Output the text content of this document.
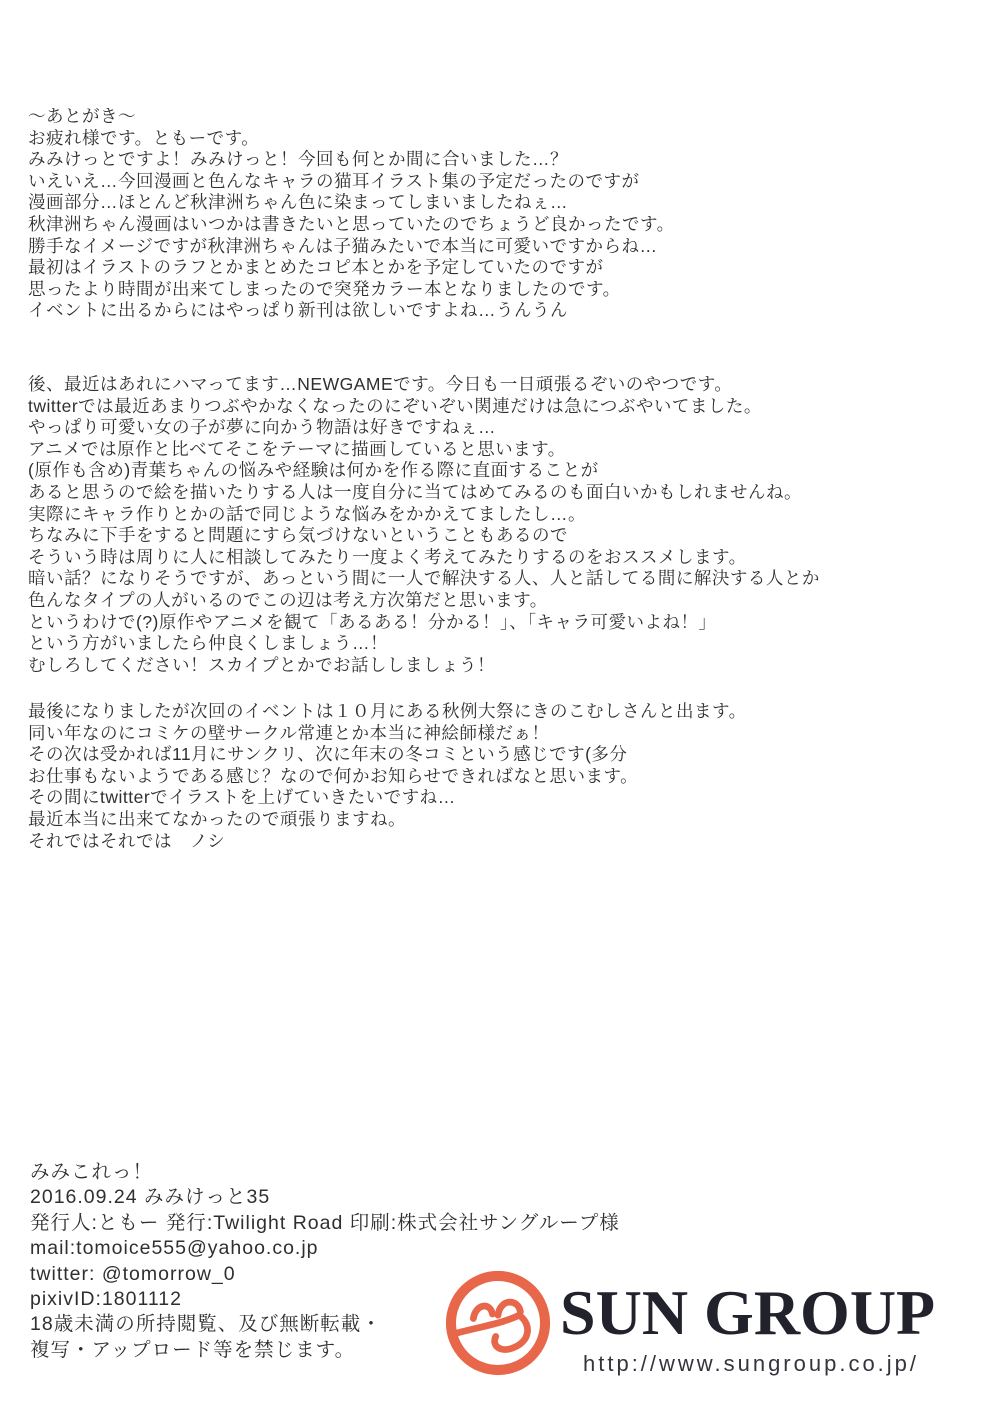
～あとがき～
お疲れ様です。ともーです。
みみけっとですよ！みみけっと！今回も何とか間に合いました…？
いえいえ…今回漫画と色んなキャラの猫耳イラスト集の予定だったのですが
漫画部分…ほとんど秋津洲ちゃん色に染まってしまいましたねぇ…
秋津洲ちゃん漫画はいつかは書きたいと思っていたのでちょうど良かったです。
勝手なイメージですが秋津洲ちゃんは子猫みたいで本当に可愛いですからね…
最初はイラストのラフとかまとめたコピ本とかを予定していたのですが
思ったより時間が出来てしまったので突発カラー本となりましたのです。
イベントに出るからにはやっぱり新刊は欲しいですよね…うんうん
後、最近はあれにハマってます…NEWGAMEです。今日も一日頑張るぞいのやつです。
twitterでは最近あまりつぶやかなくなったのにぞいぞい関連だけは急につぶやいてました。
やっぱり可愛い女の子が夢に向かう物語は好きですねぇ…
アニメでは原作と比べてそこをテーマに描画していると思います。
(原作も含め)青葉ちゃんの悩みや経験は何かを作る際に直面することが
あると思うので絵を描いたりする人は一度自分に当てはめてみるのも面白いかもしれませんね。
実際にキャラ作りとかの話で同じような悩みをかかえてましたし…。
ちなみに下手をすると問題にすら気づけないということもあるので
そういう時は周りに人に相談してみたり一度よく考えてみたりするのをおススメします。
暗い話？になりそうですが、あっという間に一人で解決する人、人と話してる間に解決する人とか
色んなタイプの人がいるのでこの辺は考え方次第だと思います。
というわけで(?)原作やアニメを観て「あるある！分かる！」、「キャラ可愛いよね！」
という方がいましたら仲良くしましょう…！
むしろしてください！スカイプとかでお話ししましょう！
最後になりましたが次回のイベントは１０月にある秋例大祭にきのこむしさんと出ます。
同い年なのにコミケの壁サークル常連とか本当に神絵師様だぁ！
その次は受かれば11月にサンクリ、次に年末の冬コミという感じです(多分
お仕事もないようである感じ？なので何かお知らせできればなと思います。
その間にtwitterでイラストを上げていきたいですね…
最近本当に出来てなかったので頑張りますね。
それではそれでは　ノシ
みみこれっ！
2016.09.24 みみけっと35
発行人:ともー 発行:Twilight Road 印刷:株式会社サングループ様
mail:tomoice555@yahoo.co.jp
twitter: @tomorrow_0
pixivID:1801112
18歳未満の所持閲覧、及び無断転載・
複写・アップロード等を禁じます。
SUN GROUP
http://www.sungroup.co.jp/
